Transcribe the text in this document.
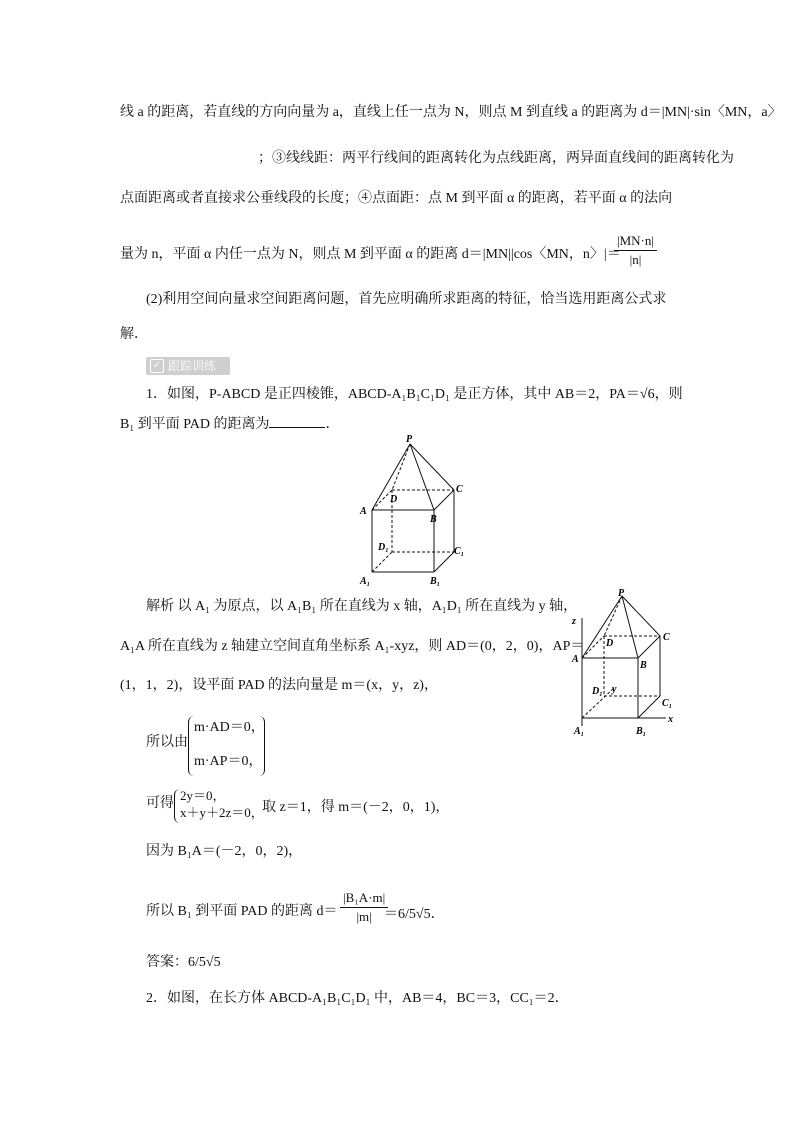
线 a 的距离，若直线的方向向量为 a，直线上任一点为 N，则点 M 到直线 a 的距离为 d＝|MN|·sin〈MN，a〉
；③线线距：两平行线间的距离转化为点线距离，两异面直线间的距离转化为
点面距离或者直接求公垂线段的长度；④点面距：点 M 到平面 α 的距离，若平面 α 的法向
量为 n，平面 α 内任一点为 N，则点 M 到平面 α 的距离 d＝|MN||cos〈MN，n〉|＝
$\frac{|MN\cdot n|}{|n|}$
(2)利用空间向量求空间距离问题，首先应明确所求距离的特征，恰当选用距离公式求
解．
✓ 跟踪训练
1．如图，P-ABCD 是正四棱锥，ABCD-A₁B₁C₁D₁ 是正方体，其中 AB＝2，PA＝√6，则
B₁ 到平面 PAD 的距离为	．
P
D
C
A
B
D₁	C₁
A₁	B₁
解析 以 A₁ 为原点，以 A₁B₁ 所在直线为 x 轴，A₁D₁ 所在直线为 y 轴，
A₁A 所在直线为 z 轴建立空间直角坐标系 A₁-xyz，则 AD＝(0，2，0)，AP＝
(1，1，2)，设平面 PAD 的法向量是 m＝(x，y，z)，
P
z
A
D
C
B
D₁ y
C₁
A₁	B₁
x
所以由
m·AD＝0，
m·AP＝0，
可得
2y＝0，
x＋y＋2z＝0，
取 z＝1，得 m＝(－2，0，1)，
因为 B₁A＝(－2，0，2)，
所以 B₁ 到平面 PAD 的距离 $d= \frac{\text{|B₁A·m|}}{|m|}$
＝6/5√5．
答案：6/5√5
2．如图，在长方体 ABCD-A₁B₁C₁D₁ 中，AB＝4，BC＝3，CC₁＝2．
